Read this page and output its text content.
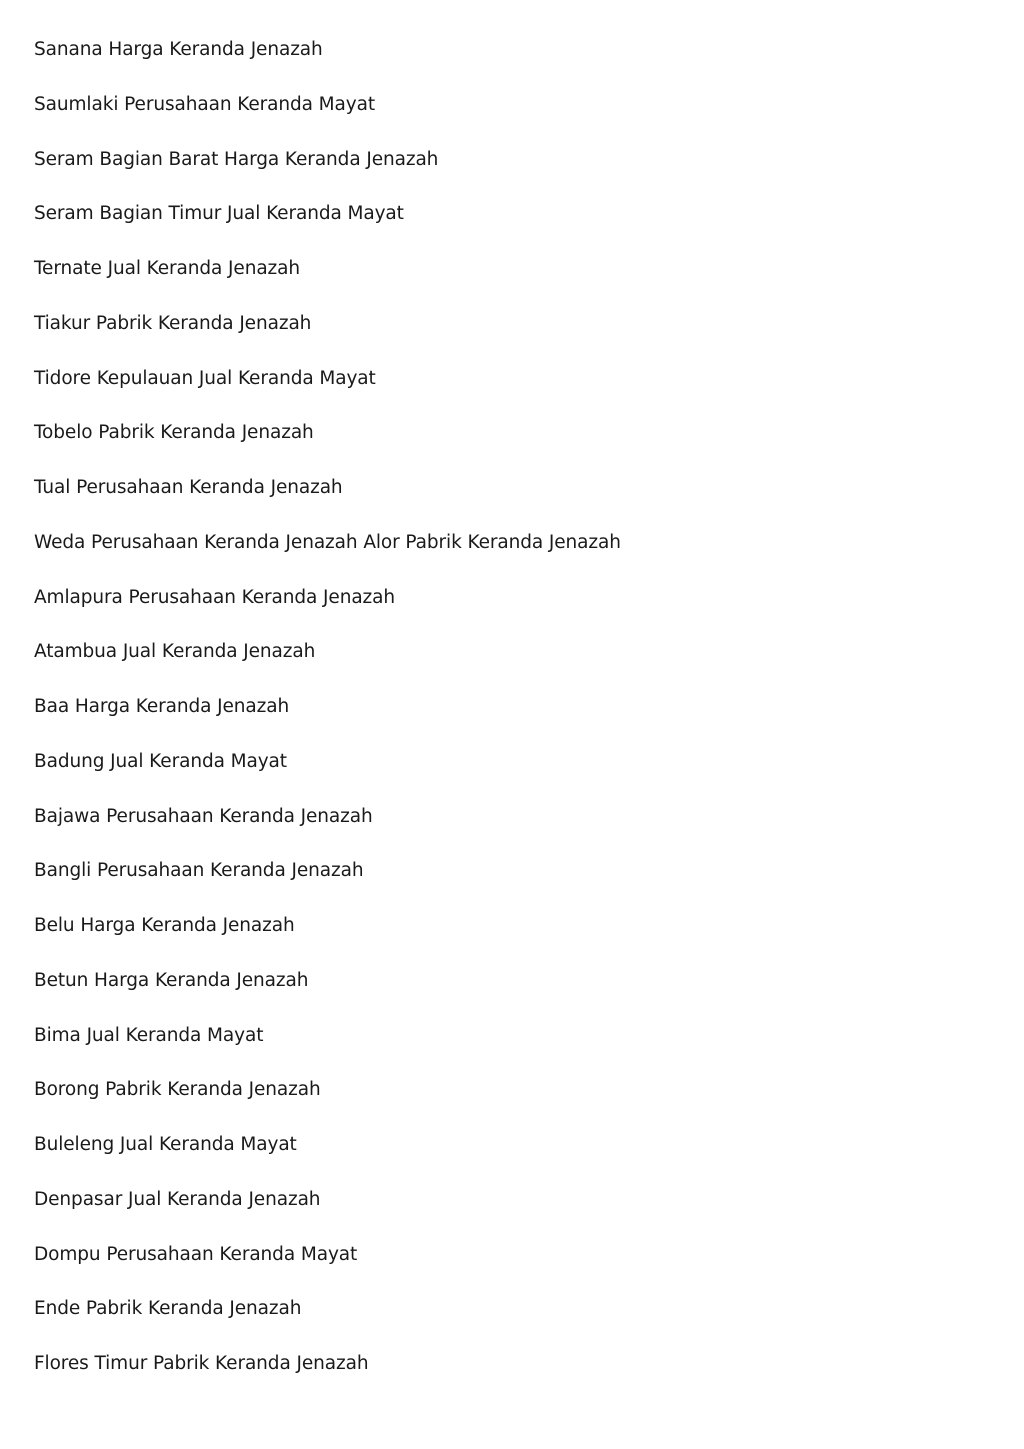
Sanana Harga Keranda Jenazah
Saumlaki Perusahaan Keranda Mayat
Seram Bagian Barat Harga Keranda Jenazah
Seram Bagian Timur Jual Keranda Mayat
Ternate Jual Keranda Jenazah
Tiakur Pabrik Keranda Jenazah
Tidore Kepulauan Jual Keranda Mayat
Tobelo Pabrik Keranda Jenazah
Tual Perusahaan Keranda Jenazah
Weda Perusahaan Keranda Jenazah Alor Pabrik Keranda Jenazah
Amlapura Perusahaan Keranda Jenazah
Atambua Jual Keranda Jenazah
Baa Harga Keranda Jenazah
Badung Jual Keranda Mayat
Bajawa Perusahaan Keranda Jenazah
Bangli Perusahaan Keranda Jenazah
Belu Harga Keranda Jenazah
Betun Harga Keranda Jenazah
Bima Jual Keranda Mayat
Borong Pabrik Keranda Jenazah
Buleleng Jual Keranda Mayat
Denpasar Jual Keranda Jenazah
Dompu Perusahaan Keranda Mayat
Ende Pabrik Keranda Jenazah
Flores Timur Pabrik Keranda Jenazah
